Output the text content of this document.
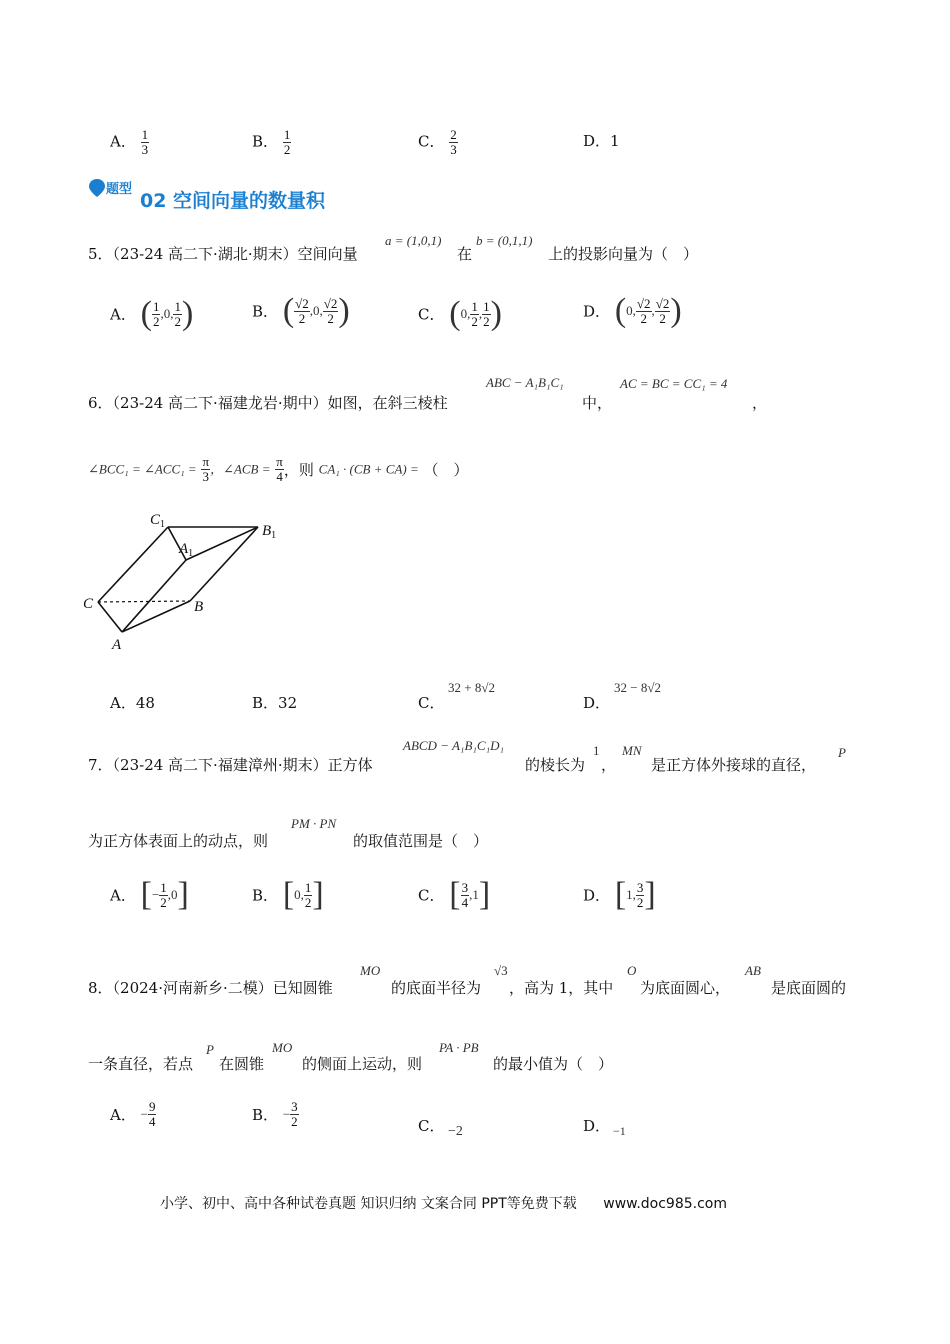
A． $\frac{1}{3}$	B． $\frac{1}{2}$	C． $\frac{2}{3}$	D．1
题型
02 空间向量的数量积
5．（23-24 高二下·湖北·期末）空间向量
a = (1,0,1)
在
b = (0,1,1)
上的投影向量为（　）
A． ( $\frac{1}{2} ,0$, $\frac{1}{2}$ )	B． ( $\frac{√2}{2} ,0$, $\frac{√2}{2}$ )	C． (0, $\frac{1}{2}$ , $\frac{1}{2}$ )	D． (0, $\frac{√2}{2}$ , $\frac{√2}{2}$ )
6．（23-24 高二下·福建龙岩·期中）如图，在斜三棱柱
ABC − A₁B₁C₁
中，
AC = BC = CC₁ = 4
，
∠BCC₁ = ∠ACC₁ = $\frac{\pi}{3}$ ，∠ACB = $\frac{\pi}{4}$ ，则 CA₁ · (CB + CA) = （　）
$C_1$
$A_1$
$B_1$
C	B
A
A．48	B．32	C．
32 + 8√2
D．
32 − 8√2
7．（23-24 高二下·福建漳州·期末）正方体
ABCD − A₁B₁C₁D₁
的棱长为
1
，
MN
是正方体外接球的直径，
P
为正方体表面上的动点，则
PM · PN
的取值范围是（　）
A． [− $\frac{1}{2} ,0$]	B． [0, $\frac{1}{2}$ ]	C． [ $\frac{3}{4} ,1$]	D． [1, $\frac{3}{2}$ ]
8．（2024·河南新乡·二模）已知圆锥
MO
的底面半径为
√3
，高为 1，其中
O
为底面圆心，
AB
是底面圆的
一条直径，若点
P
在圆锥
MO
的侧面上运动，则
PA · PB
的最小值为（　）
A． − $\frac{9}{4}$	B． − $\frac{3}{2}$	C． −2	D． −1
小学、初中、高中各种试卷真题 知识归纳 文案合同 PPT等免费下载 www.doc985.com
